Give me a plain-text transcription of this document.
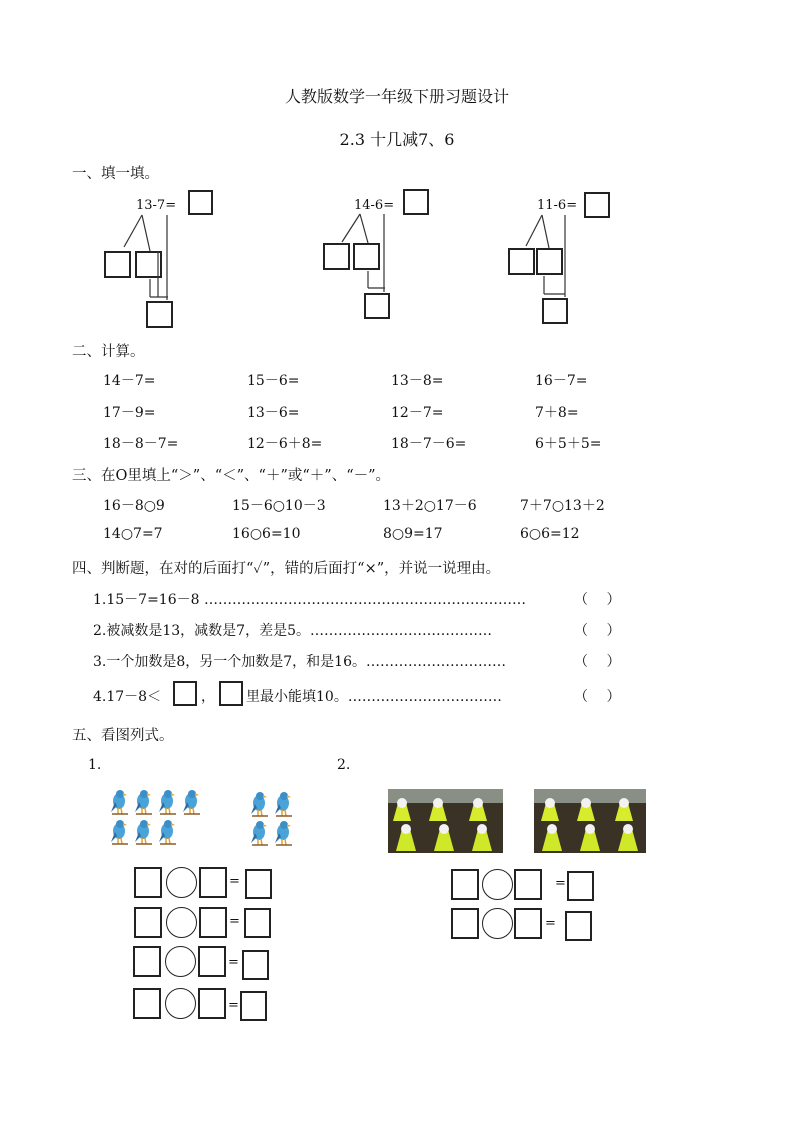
人教版数学一年级下册习题设计
2.3 十几减7、6
一、填一填。
13-7=	14-6=	11-6=
二、计算。
14－7=	15－6=	13－8=	16－7=
17－9=	13－6=	12－7=	7＋8=
18－8－7=	12－6＋8=	18－7－6=	6＋5＋5=
三、在O里填上“＞”、“＜”、“＋”或“＋”、“－”。
16－8○9	15－6○10－3	13＋2○17－6	7＋7○13＋2
14○7=7	16○6=10	8○9=17	6○6=12
四、判断题，在对的后面打“✓”，错的后面打“×”，并说一说理由。
1.15－7=16－8 ……………………………………………………………	（　 ）
2.被减数是13，减数是7，差是5。…………………………………	（　 ）
3.一个加数是8，另一个加数是7，和是16。…………………………	（　 ）
4.17－8＜	， 里最小能填10。……………………………	（　 ）
五、看图列式。
1.	2.
=
=
=
=
=
=
